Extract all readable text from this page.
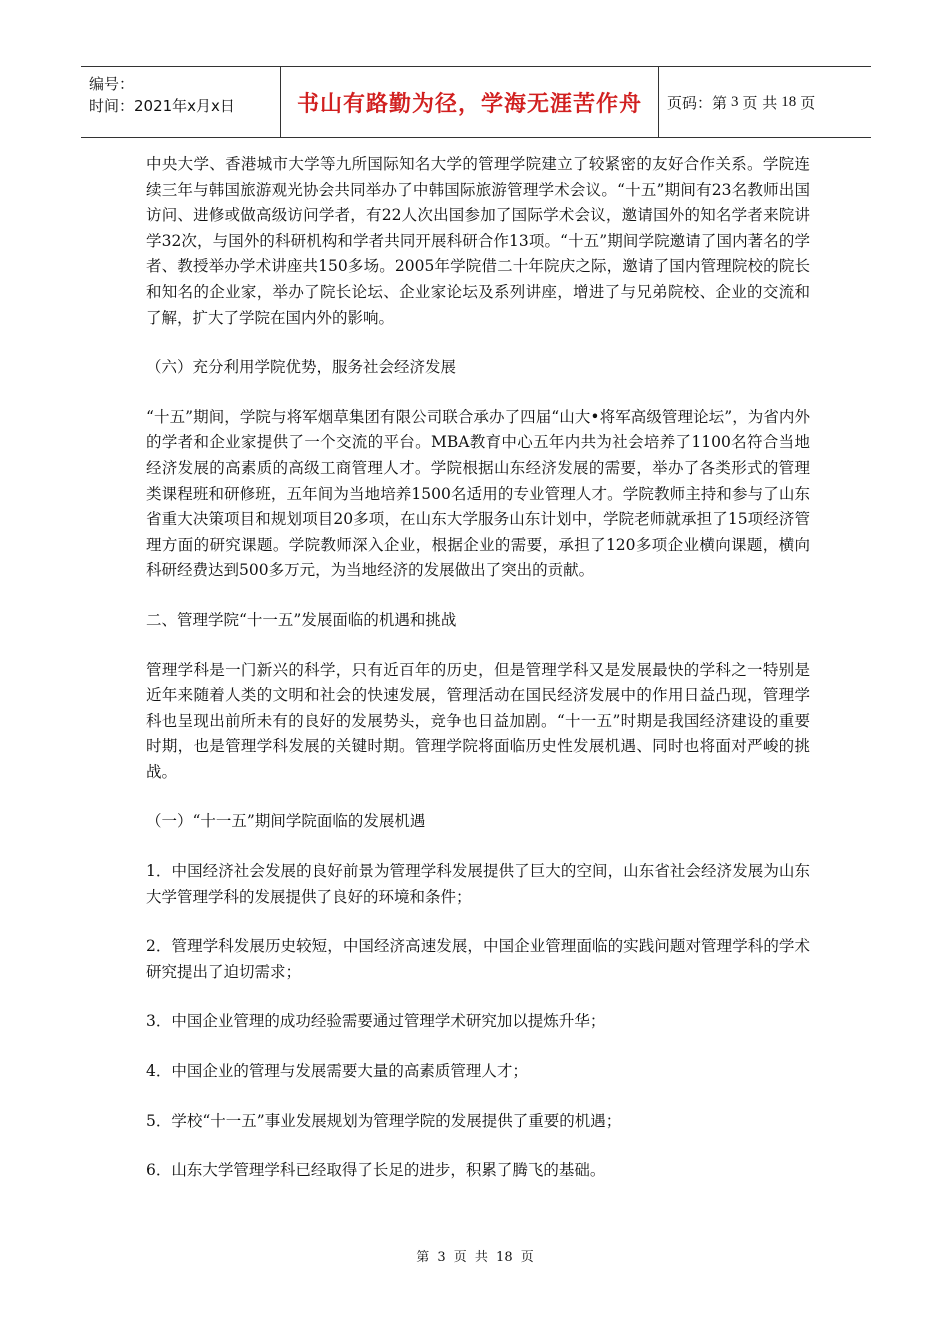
编号：
时间：2021年x月x日	书山有路勤为径，学海无涯苦作舟	页码：第 3 页 共 18 页

中央大学、香港城市大学等九所国际知名大学的管理学院建立了较紧密的友好合作关系。学院连续三年与韩国旅游观光协会共同举办了中韩国际旅游管理学术会议。“十五”期间有23名教师出国访问、进修或做高级访问学者，有22人次出国参加了国际学术会议，邀请国外的知名学者来院讲学32次，与国外的科研机构和学者共同开展科研合作13项。“十五”期间学院邀请了国内著名的学者、教授举办学术讲座共150多场。2005年学院借二十年院庆之际，邀请了国内管理院校的院长和知名的企业家，举办了院长论坛、企业家论坛及系列讲座，增进了与兄弟院校、企业的交流和了解，扩大了学院在国内外的影响。

（六）充分利用学院优势，服务社会经济发展

“十五”期间，学院与将军烟草集团有限公司联合承办了四届“山大•将军高级管理论坛”，为省内外的学者和企业家提供了一个交流的平台。MBA教育中心五年内共为社会培养了1100名符合当地经济发展的高素质的高级工商管理人才。学院根据山东经济发展的需要，举办了各类形式的管理类课程班和研修班，五年间为当地培养1500名适用的专业管理人才。学院教师主持和参与了山东省重大决策项目和规划项目20多项，在山东大学服务山东计划中，学院老师就承担了15项经济管理方面的研究课题。学院教师深入企业，根据企业的需要，承担了120多项企业横向课题，横向科研经费达到500多万元，为当地经济的发展做出了突出的贡献。

二、管理学院“十一五”发展面临的机遇和挑战

管理学科是一门新兴的科学，只有近百年的历史，但是管理学科又是发展最快的学科之一特别是近年来随着人类的文明和社会的快速发展，管理活动在国民经济发展中的作用日益凸现，管理学科也呈现出前所未有的良好的发展势头，竞争也日益加剧。“十一五”时期是我国经济建设的重要时期，也是管理学科发展的关键时期。管理学院将面临历史性发展机遇、同时也将面对严峻的挑战。

（一）“十一五”期间学院面临的发展机遇

1．中国经济社会发展的良好前景为管理学科发展提供了巨大的空间，山东省社会经济发展为山东大学管理学科的发展提供了良好的环境和条件；

2．管理学科发展历史较短，中国经济高速发展，中国企业管理面临的实践问题对管理学科的学术研究提出了迫切需求；

3．中国企业管理的成功经验需要通过管理学术研究加以提炼升华；

4．中国企业的管理与发展需要大量的高素质管理人才；

5．学校“十一五”事业发展规划为管理学院的发展提供了重要的机遇；

6．山东大学管理学科已经取得了长足的进步，积累了腾飞的基础。

第 3 页 共 18 页
